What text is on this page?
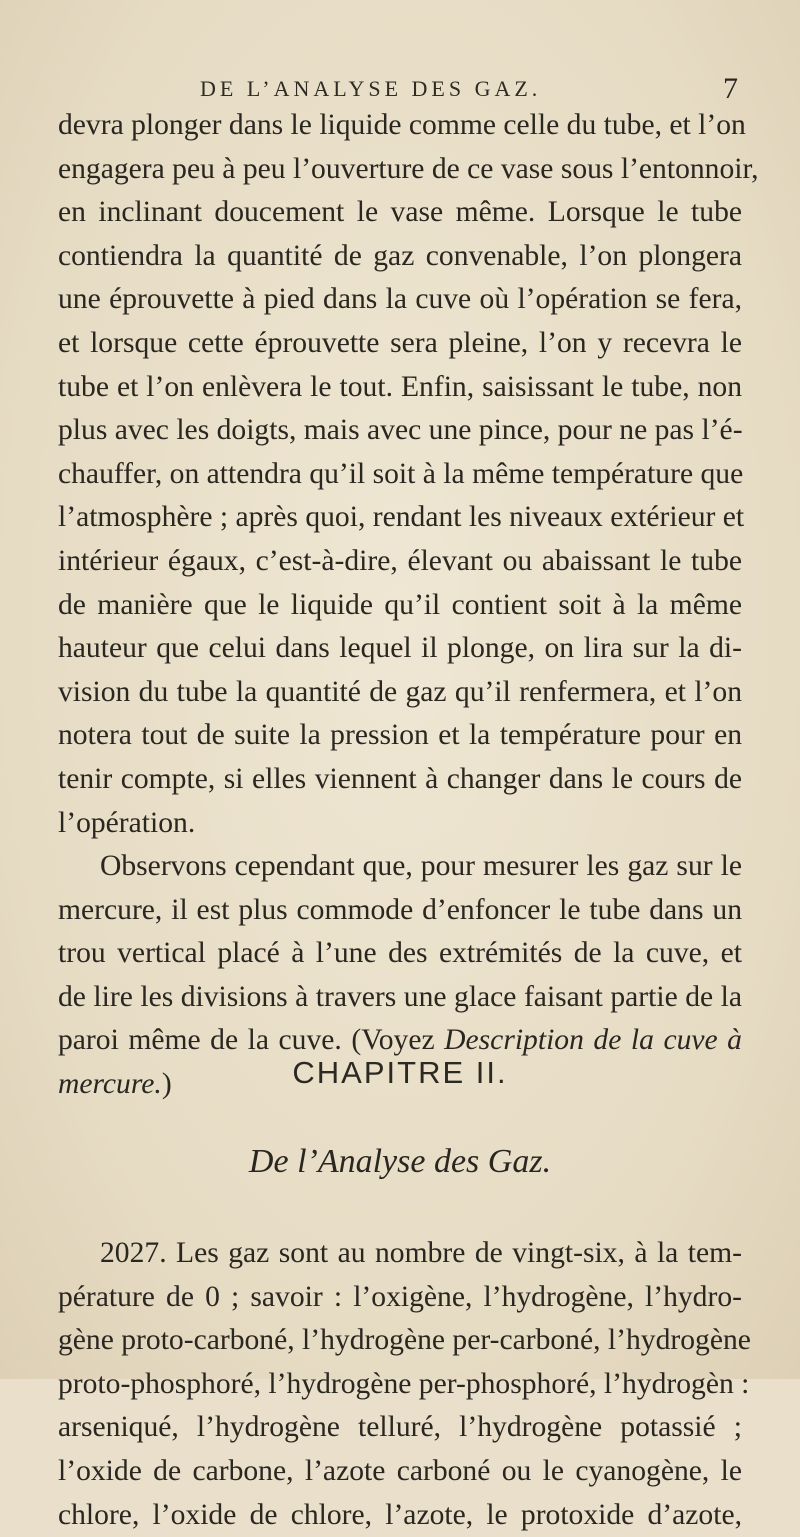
DE L’ANALYSE DES GAZ.	7
devra plonger dans le liquide comme celle du tube, et l’on
engagera peu à peu l’ouverture de ce vase sous l’entonnoir,
en inclinant doucement le vase même. Lorsque le tube
contiendra la quantité de gaz convenable, l’on plongera
une éprouvette à pied dans la cuve où l’opération se fera,
et lorsque cette éprouvette sera pleine, l’on y recevra le
tube et l’on enlèvera le tout. Enfin, saisissant le tube, non
plus avec les doigts, mais avec une pince, pour ne pas l’é-
chauffer, on attendra qu’il soit à la même température que
l’atmosphère ; après quoi, rendant les niveaux extérieur et
intérieur égaux, c’est-à-dire, élevant ou abaissant le tube
de manière que le liquide qu’il contient soit à la même
hauteur que celui dans lequel il plonge, on lira sur la di-
vision du tube la quantité de gaz qu’il renfermera, et l’on
notera tout de suite la pression et la température pour en
tenir compte, si elles viennent à changer dans le cours de
l’opération.
Observons cependant que, pour mesurer les gaz sur le
mercure, il est plus commode d’enfoncer le tube dans un
trou vertical placé à l’une des extrémités de la cuve, et
de lire les divisions à travers une glace faisant partie de la
paroi même de la cuve. (Voyez Description de la cuve à
mercure.)	CHAPITRE II.
De l’Analyse des Gaz.
2027. Les gaz sont au nombre de vingt-six, à la tem-
pérature de 0 ; savoir : l’oxigène, l’hydrogène, l’hydro-
gène proto-carboné, l’hydrogène per-carboné, l’hydrogène
proto-phosphoré, l’hydrogène per-phosphoré, l’hydrogèn :
arseniqué, l’hydrogène telluré, l’hydrogène potassié ;
l’oxide de carbone, l’azote carboné ou le cyanogène, le
chlore, l’oxide de chlore, l’azote, le protoxide d’azote,
